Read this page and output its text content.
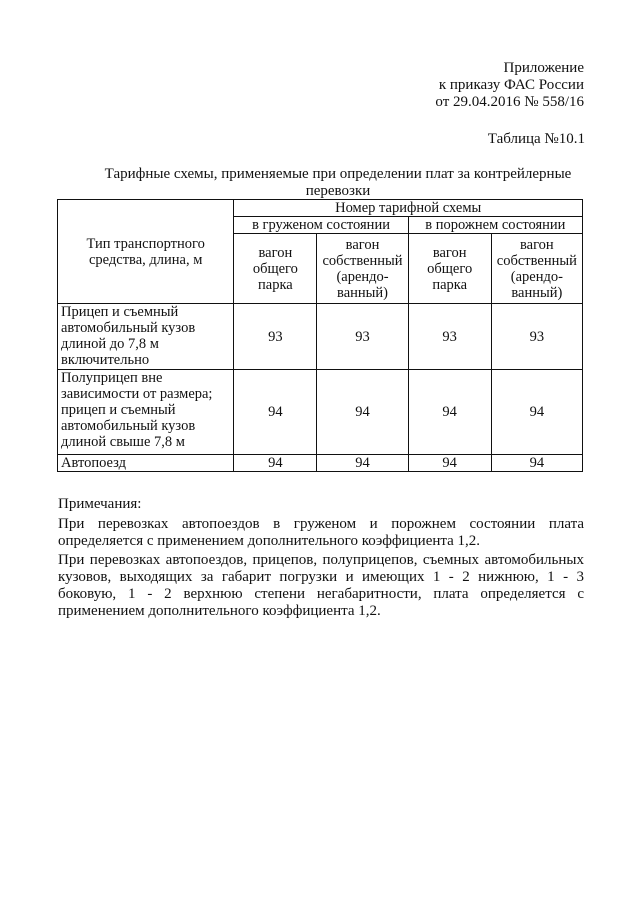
Приложение
к приказу ФАС России
от 29.04.2016 № 558/16
Таблица №10.1
Тарифные схемы, применяемые при определении плат за контрейлерные перевозки
Тип транспортного средства, длина, м	Номер тарифной схемы			
	в груженом состоянии		в порожнем состоянии	

	вагон
общего
парка	вагон
собственный
(арендо-
ванный)	вагон
общего
парка	вагон
собственный
(арендо-
ванный)

Прицеп и съемный
автомобильный кузов
длиной до 7,8 м
включительно	93	93	93	93

Полуприцеп вне
зависимости от размера;
прицеп и съемный
автомобильный кузов
длиной свыше 7,8 м	94	94	94	94
Автопоезд	94	94	94	94

Примечания:

При перевозках автопоездов в груженом и порожнем состоянии плата определяется с применением дополнительного коэффициента 1,2.

При перевозках автопоездов, прицепов, полуприцепов, съемных автомобильных кузовов, выходящих за габарит погрузки и имеющих 1 - 2 нижнюю, 1 - 3 боковую, 1 - 2 верхнюю степени негабаритности, плата определяется с применением дополнительного коэффициента 1,2.
